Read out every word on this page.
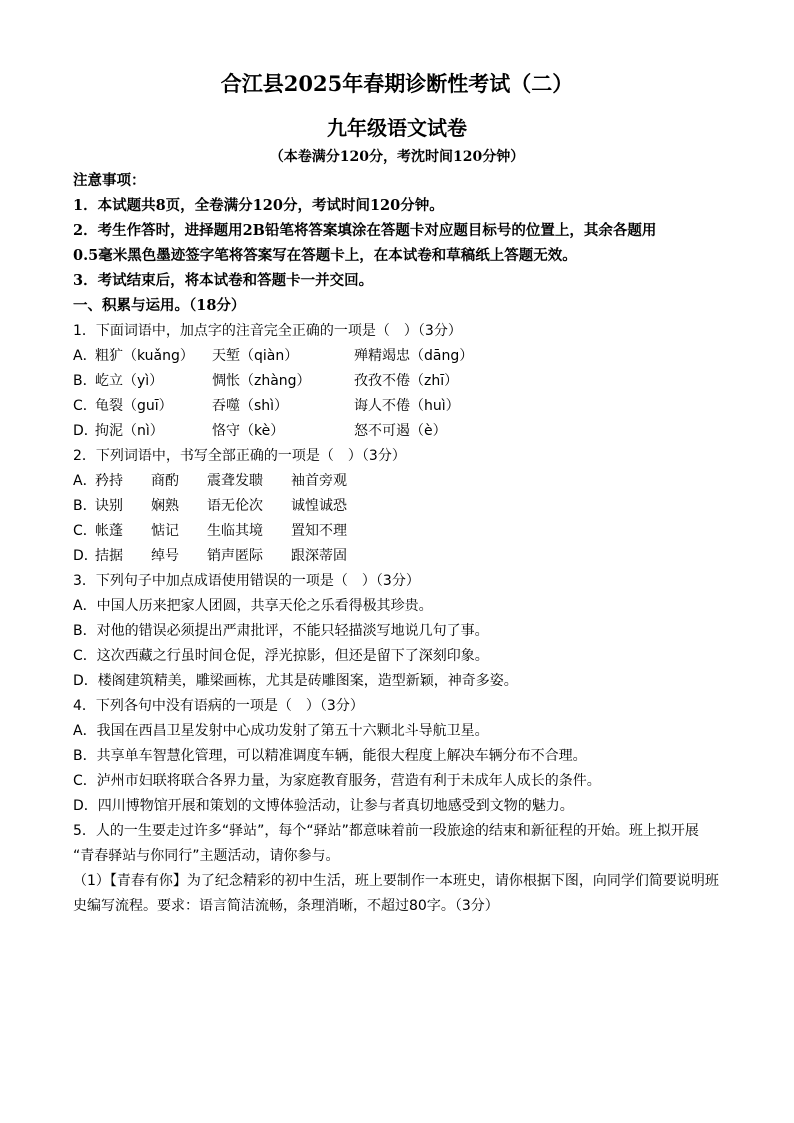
合江县2025年春期诊断性考试（二）
九年级语文试卷
（本卷满分120分，考沈时间120分钟）
注意事项：
1．本试题共8页，全卷满分120分，考试时间120分钟。
2．考生作答时，进择题用2B铅笔将答案填涂在答题卡对应题目标号的位置上，其余各题用
0.5毫米黑色墨迹签字笔将答案写在答题卡上，在本试卷和草稿纸上答题无效。
3．考试结束后，将本试卷和答题卡一并交回。
一、积累与运用。（18分）
1．下面词语中，加点字的注音完全正确的一项是（　）（3分）
A．
粗犷（kuǎng） 天堑（qiàn）	殚精竭忠（dāng）
B．
屹立（yì）	惆怅（zhàng）	孜孜不倦（zhī）
C．
龟裂（guī）	吞噬（shì）	诲人不倦（huì）
D．
拘泥（nì）	恪守（kè）	怒不可遏（è）
2．下列词语中，书写全部正确的一项是（　）（3分）
A．
矜持 商酌 震聋发聩 袖首旁观
B．
诀别 娴熟 语无伦次 诚惶诚恐
C．
帐蓬 惦记 生临其境 置知不理
D．
拮据 绰号 销声匿际 跟深蒂固
3．下列句子中加点成语使用错误的一项是（　）（3分）
A．中国人历来把家人团圆，共享天伦之乐看得极其珍贵。
B．对他的错误必须提出严肃批评，不能只轻描淡写地说几句了事。
C．这次西藏之行虽时间仓促，浮光掠影，但还是留下了深刻印象。
D．楼阁建筑精美，雕梁画栋，尤其是砖雕图案，造型新颖，神奇多姿。
4．下列各句中没有语病的一项是（　）（3分）
A．我国在西昌卫星发射中心成功发射了第五十六颗北斗导航卫星。
B．共享单车智慧化管理，可以精准调度车辆，能很大程度上解决车辆分布不合理。
C．泸州市妇联将联合各界力量，为家庭教育服务，营造有利于未成年人成长的条件。
D．四川博物馆开展和策划的文博体验活动，让参与者真切地感受到文物的魅力。
5．人的一生要走过许多“驿站”，每个“驿站”都意味着前一段旅途的结束和新征程的开始。班上拟开展
“青春驿站与你同行”主题活动，请你参与。
（1）【青春有你】为了纪念精彩的初中生活，班上要制作一本班史，请你根据下图，向同学们简要说明班
史编写流程。要求：语言简洁流畅，条理消晰，不超过80字。（3分）
